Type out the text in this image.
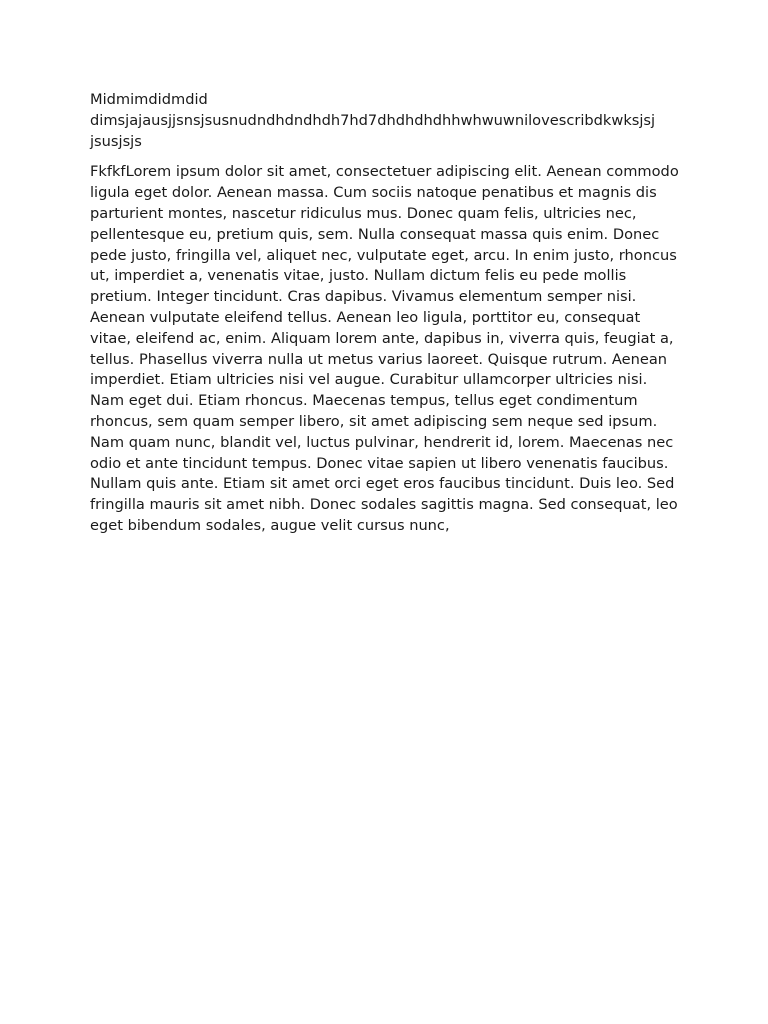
Midmimdidmdid
dimsjajausjjsnsjsusnudndhdndhdh7hd7dhdhdhdhhwhwuwnilovescribdkwksjsj
jsusjsjs

FkfkfLorem ipsum dolor sit amet, consectetuer adipiscing elit. Aenean commodo ligula eget dolor. Aenean massa. Cum sociis natoque penatibus et magnis dis parturient montes, nascetur ridiculus mus. Donec quam felis, ultricies nec, pellentesque eu, pretium quis, sem. Nulla consequat massa quis enim. Donec pede justo, fringilla vel, aliquet nec, vulputate eget, arcu. In enim justo, rhoncus ut, imperdiet a, venenatis vitae, justo. Nullam dictum felis eu pede mollis pretium. Integer tincidunt. Cras dapibus. Vivamus elementum semper nisi. Aenean vulputate eleifend tellus. Aenean leo ligula, porttitor eu, consequat vitae, eleifend ac, enim. Aliquam lorem ante, dapibus in, viverra quis, feugiat a, tellus. Phasellus viverra nulla ut metus varius laoreet. Quisque rutrum. Aenean imperdiet. Etiam ultricies nisi vel augue. Curabitur ullamcorper ultricies nisi. Nam eget dui. Etiam rhoncus. Maecenas tempus, tellus eget condimentum rhoncus, sem quam semper libero, sit amet adipiscing sem neque sed ipsum. Nam quam nunc, blandit vel, luctus pulvinar, hendrerit id, lorem. Maecenas nec odio et ante tincidunt tempus. Donec vitae sapien ut libero venenatis faucibus. Nullam quis ante. Etiam sit amet orci eget eros faucibus tincidunt. Duis leo. Sed fringilla mauris sit amet nibh. Donec sodales sagittis magna. Sed consequat, leo eget bibendum sodales, augue velit cursus nunc,
